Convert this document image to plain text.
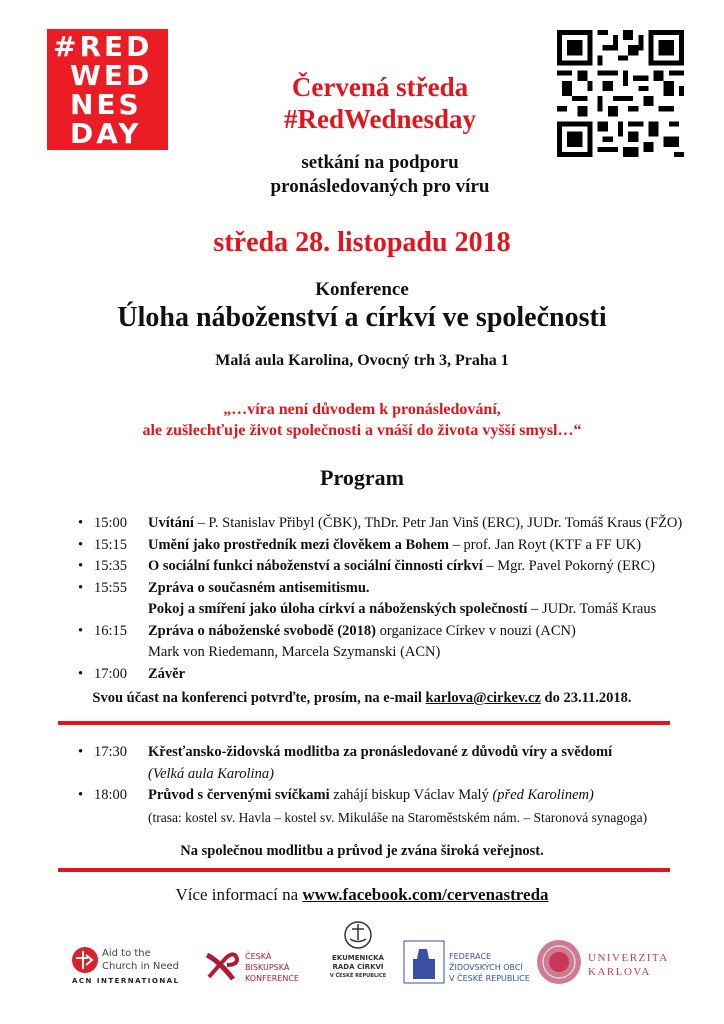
#RED
WED
NES
DAY
Červená středa
#RedWednesday
setkání na podporu
pronásledovaných pro víru
středa 28. listopadu 2018
Konference
Úloha náboženství a církví ve společnosti
Malá aula Karolina, Ovocný trh 3, Praha 1
„…víra není důvodem k pronásledování,
ale zušlechťuje život společnosti a vnáší do života vyšší smysl…“
Program
• 15:00	Uvítání – P. Stanislav Přibyl (ČBK), ThDr. Petr Jan Vinš (ERC), JUDr. Tomáš Kraus (FŽO)
• 15:15	Umění jako prostředník mezi člověkem a Bohem – prof. Jan Royt (KTF a FF UK)
• 15:35	O sociální funkci náboženství a sociální činnosti církví – Mgr. Pavel Pokorný (ERC)
• 15:55	Zpráva o současném antisemitismu.
Pokoj a smíření jako úloha církví a náboženských společností – JUDr. Tomáš Kraus
• 16:15	Zpráva o náboženské svobodě (2018) organizace Církev v nouzi (ACN)
Mark von Riedemann, Marcela Szymanski (ACN)
• 17:00	Závěr
Svou účast na konferenci potvrďte, prosím, na e-mail karlova@cirkev.cz do 23.11.2018.
• 17:30	Křesťansko-židovská modlitba za pronásledované z důvodů víry a svědomí
(Velká aula Karolina)
• 18:00	Průvod s červenými svíčkami zahájí biskup Václav Malý (před Karolinem)
(trasa: kostel sv. Havla – kostel sv. Mikuláše na Staroměstském nám. – Staronová synagoga)
Na společnou modlitbu a průvod je zvána široká veřejnost.
Více informací na www.facebook.com/cervenastreda
Aid to the
Church in Need
ACN INTERNATIONAL
ČESKÁ
BISKUPSKÁ
KONFERENCE
EKUMENICKÁ
RADA CÍRKVÍ
V ČESKÉ REPUBLICE
FEDERACE
ŽIDOVSKÝCH OBCÍ
V ČESKÉ REPUBLICE
UNIVERZITA
KARLOVA
